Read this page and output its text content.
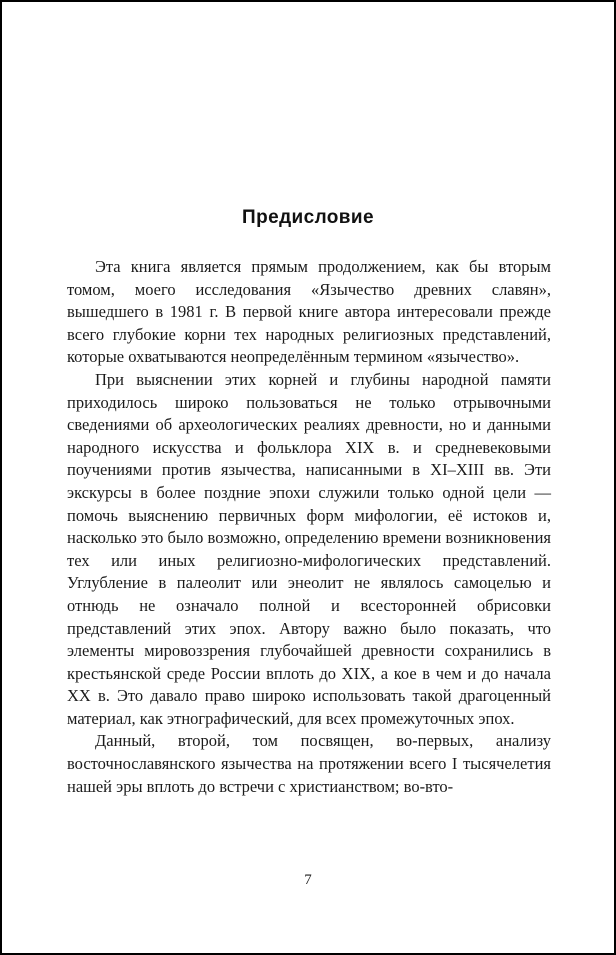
Предисловие

Эта книга является прямым продолжением, как бы вторым томом, моего исследования «Язычество древних славян», вышедшего в 1981 г. В первой книге автора интересовали прежде всего глубокие корни тех народных религиозных представлений, которые охватываются неопределённым термином «язычество».

При выяснении этих корней и глубины народной памяти приходилось широко пользоваться не только отрывочными сведениями об археологических реалиях древности, но и данными народного искусства и фольклора XIX в. и средневековыми поучениями против язычества, написанными в XI–XIII вв. Эти экскурсы в более поздние эпохи служили только одной цели — помочь выяснению первичных форм мифологии, её истоков и, насколько это было возможно, определению времени возникновения тех или иных религиозно-мифологических представлений. Углубление в палеолит или энеолит не являлось самоцелью и отнюдь не означало полной и всесторонней обрисовки представлений этих эпох. Автору важно было показать, что элементы мировоззрения глубочайшей древности сохранились в крестьянской среде России вплоть до XIX, а кое в чем и до начала XX в. Это давало право широко использовать такой драгоценный материал, как этнографический, для всех промежуточных эпох.

Данный, второй, том посвящен, во-первых, анализу восточнославянского язычества на протяжении всего I тысячелетия нашей эры вплоть до встречи с христианством; во-вто-

7
